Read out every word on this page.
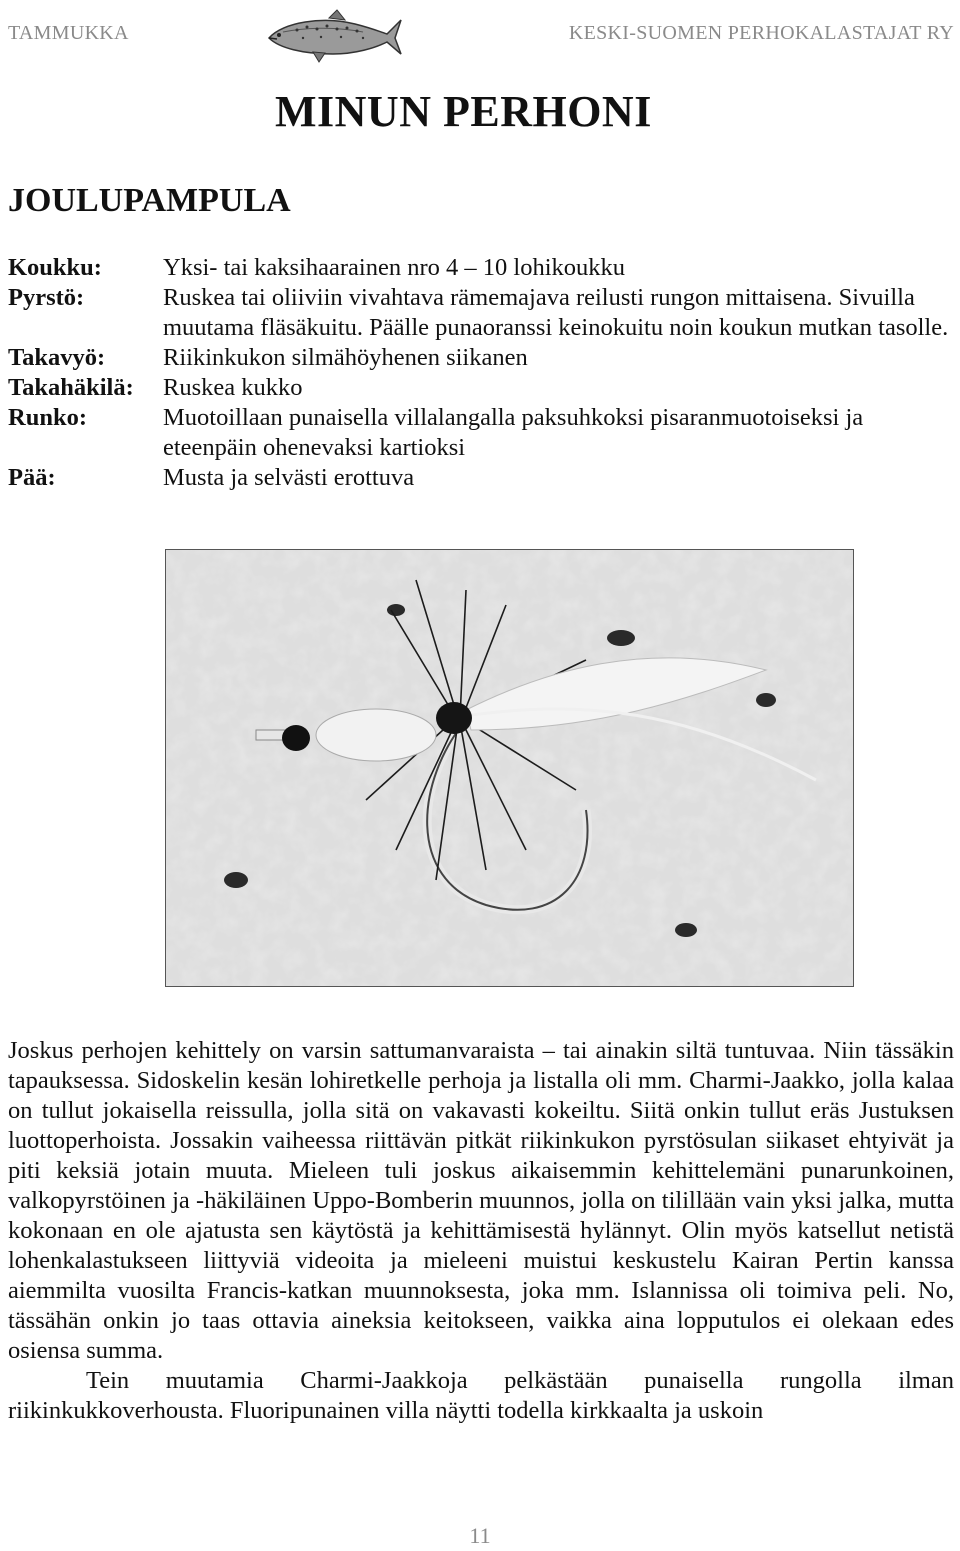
TAMMUKKA	KESKI-SUOMEN PERHOKALASTAJAT RY
MINUN PERHONI
JOULUPAMPULA
Koukku:	Yksi- tai kaksihaarainen nro 4 – 10 lohikoukku
Pyrstö:	Ruskea tai oliiviin vivahtava rämemajava reilusti rungon mittaisena. Sivuilla muutama fläsäkuitu. Päälle punaoranssi keinokuitu noin koukun mutkan tasolle.
Takavyö:	Riikinkukon silmähöyhenen siikanen
Takahäkilä:	Ruskea kukko
Runko:	Muotoillaan punaisella villalangalla paksuhkoksi pisaranmuotoiseksi ja eteenpäin ohenevaksi kartioksi
Pää:	Musta ja selvästi erottuva

Joskus perhojen kehittely on varsin sattumanvaraista – tai ainakin siltä tuntuvaa. Niin tässäkin tapauksessa. Sidoskelin kesän lohiretkelle perhoja ja listalla oli mm. Charmi-Jaakko, jolla kalaa on tullut jokaisella reissulla, jolla sitä on vakavasti kokeiltu. Siitä onkin tullut eräs Justuksen luottoperhoista. Jossakin vaiheessa riittävän pitkät riikinkukon pyrstösulan siikaset ehtyivät ja piti keksiä jotain muuta. Mieleen tuli joskus aikaisemmin kehittelemäni punarunkoinen, valkopyrstöinen ja -häkiläinen Uppo-Bomberin muunnos, jolla on tilillään vain yksi jalka, mutta kokonaan en ole ajatusta sen käytöstä ja kehittämisestä hylännyt. Olin myös katsellut netistä lohenkalastukseen liittyviä videoita ja mieleeni muistui keskustelu Kairan Pertin kanssa aiemmilta vuosilta Francis-katkan muunnoksesta, joka mm. Islannissa oli toimiva peli. No, tässähän onkin jo taas ottavia aineksia keitokseen, vaikka aina lopputulos ei olekaan edes osiensa summa.

Tein muutamia Charmi-Jaakkoja pelkästään punaisella rungolla ilman riikinkukkoverhousta. Fluoripunainen villa näytti todella kirkkaalta ja uskoin

11
